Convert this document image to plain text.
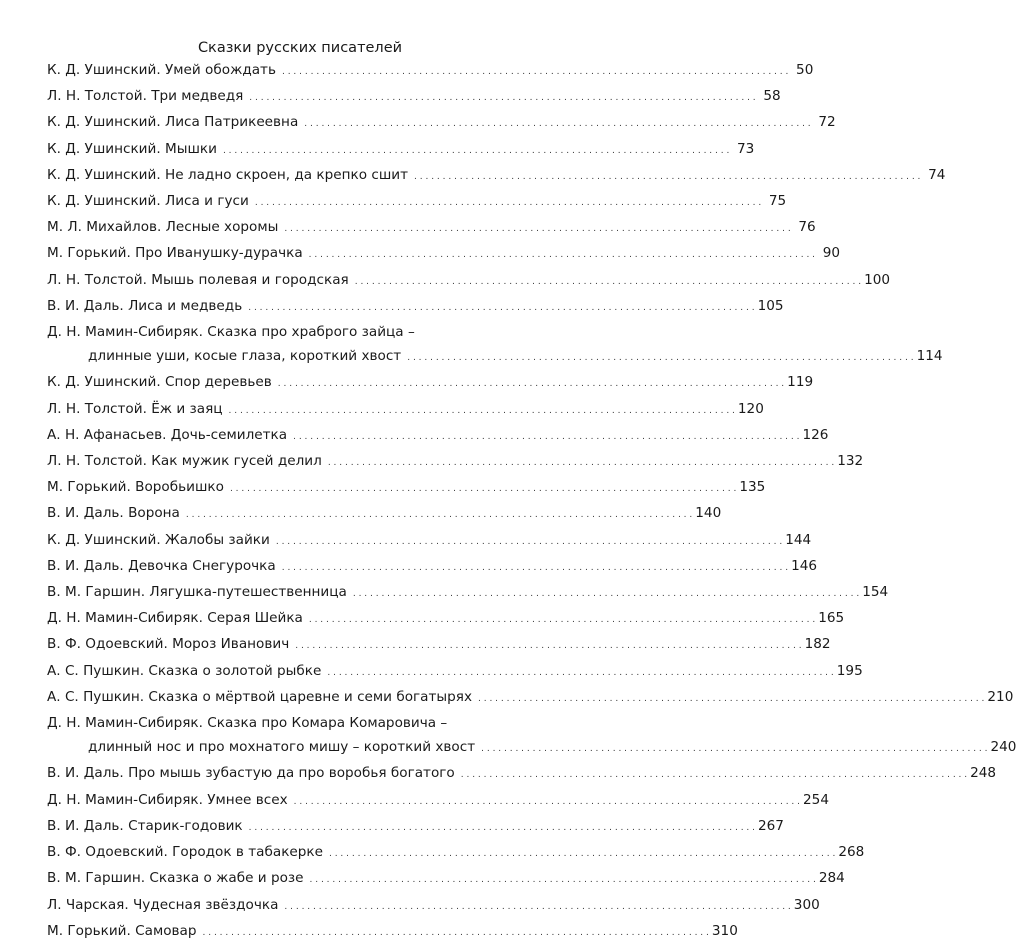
Сказки русских писателей
К. Д. Ушинский. Умей обождать . . .	50
Л. Н. Толстой. Три медведя . . .	58
К. Д. Ушинский. Лиса Патрикеевна . . .	72
К. Д. Ушинский. Мышки . . .	73
К. Д. Ушинский. Не ладно скроен, да крепко сшит . . .	74
К. Д. Ушинский. Лиса и гуси . . .	75
М. Л. Михайлов. Лесные хоромы . . .	76
М. Горький. Про Иванушку-дурачка . . .	90
Л. Н. Толстой. Мышь полевая и городская . . .	100
В. И. Даль. Лиса и медведь . . .	105
Д. Н. Мамин-Сибиряк. Сказка про храброго зайца –
длинные уши, косые глаза, короткий хвост . . .	114
К. Д. Ушинский. Спор деревьев . . .	119
Л. Н. Толстой. Ёж и заяц . . .	120
А. Н. Афанасьев. Дочь-семилетка . . .	126
Л. Н. Толстой. Как мужик гусей делил . . .	132
М. Горький. Воробьишко . . .	135
В. И. Даль. Ворона . . .	140
К. Д. Ушинский. Жалобы зайки . . .	144
В. И. Даль. Девочка Снегурочка . . .	146
В. М. Гаршин. Лягушка-путешественница . . .	154
Д. Н. Мамин-Сибиряк. Серая Шейка . . .	165
В. Ф. Одоевский. Мороз Иванович . . .	182
А. С. Пушкин. Сказка о золотой рыбке . . .	195
А. С. Пушкин. Сказка о мёртвой царевне и семи богатырях . . .	210
Д. Н. Мамин-Сибиряк. Сказка про Комара Комаровича –
длинный нос и про мохнатого мишу – короткий хвост . . .	240
В. И. Даль. Про мышь зубастую да про воробья богатого . . .	248
Д. Н. Мамин-Сибиряк. Умнее всех . . .	254
В. И. Даль. Старик-годовик . . .	267
В. Ф. Одоевский. Городок в табакерке . . .	268
В. М. Гаршин. Сказка о жабе и розе . . .	284
Л. Чарская. Чудесная звёздочка . . .	300
М. Горький. Самовар . . .	310
